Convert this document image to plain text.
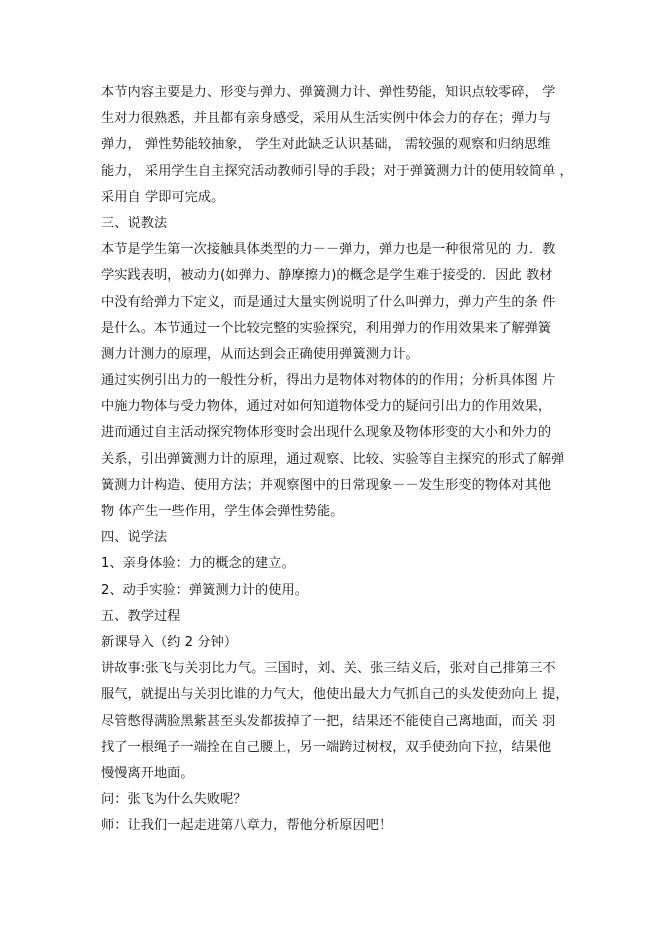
本节内容主要是力、形变与弹力、弹簧测力计、弹性势能，知识点较零碎， 学
生对力很熟悉，并且都有亲身感受，采用从生活实例中体会力的存在；弹力与
弹力， 弹性势能较抽象， 学生对此缺乏认识基础， 需较强的观察和归纳思维
能力， 采用学生自主探究活动教师引导的手段；对于弹簧测力计的使用较简单 ，
采用自 学即可完成。
三、说教法
本节是学生第一次接触具体类型的力－－弹力，弹力也是一种很常见的 力．教
学实践表明，被动力(如弹力、静摩擦力)的概念是学生难于接受的．因此 教材
中没有给弹力下定义，而是通过大量实例说明了什么叫弹力，弹力产生的条 件
是什么。本节通过一个比较完整的实验探究，利用弹力的作用效果来了解弹簧
测力计测力的原理，从而达到会正确使用弹簧测力计。
通过实例引出力的一般性分析，得出力是物体对物体的的作用；分析具体图 片
中施力物体与受力物体，通过对如何知道物体受力的疑问引出力的作用效果，
进而通过自主活动探究物体形变时会出现什么现象及物体形变的大小和外力的
关系，引出弹簧测力计的原理，通过观察、比较、实验等自主探究的形式了解弹
簧测力计构造、使用方法；并观察图中的日常现象－－发生形变的物体对其他
物 体产生一些作用，学生体会弹性势能。
四、说学法
1、亲身体验：力的概念的建立。
2、动手实验：弹簧测力计的使用。
五、教学过程
新课导入（约 2 分钟）
讲故事:张飞与关羽比力气。三国时，刘、关、张三结义后，张对自己排第三不
服气，就提出与关羽比谁的力气大，他使出最大力气抓自己的头发使劲向上 提，
尽管憋得满脸黑紫甚至头发都拔掉了一把，结果还不能使自己离地面，而关 羽
找了一根绳子一端拴在自己腰上，另一端跨过树杈，双手使劲向下拉，结果他
慢慢离开地面。
问：张飞为什么失败呢？
师：让我们一起走进第八章力，帮他分析原因吧！
